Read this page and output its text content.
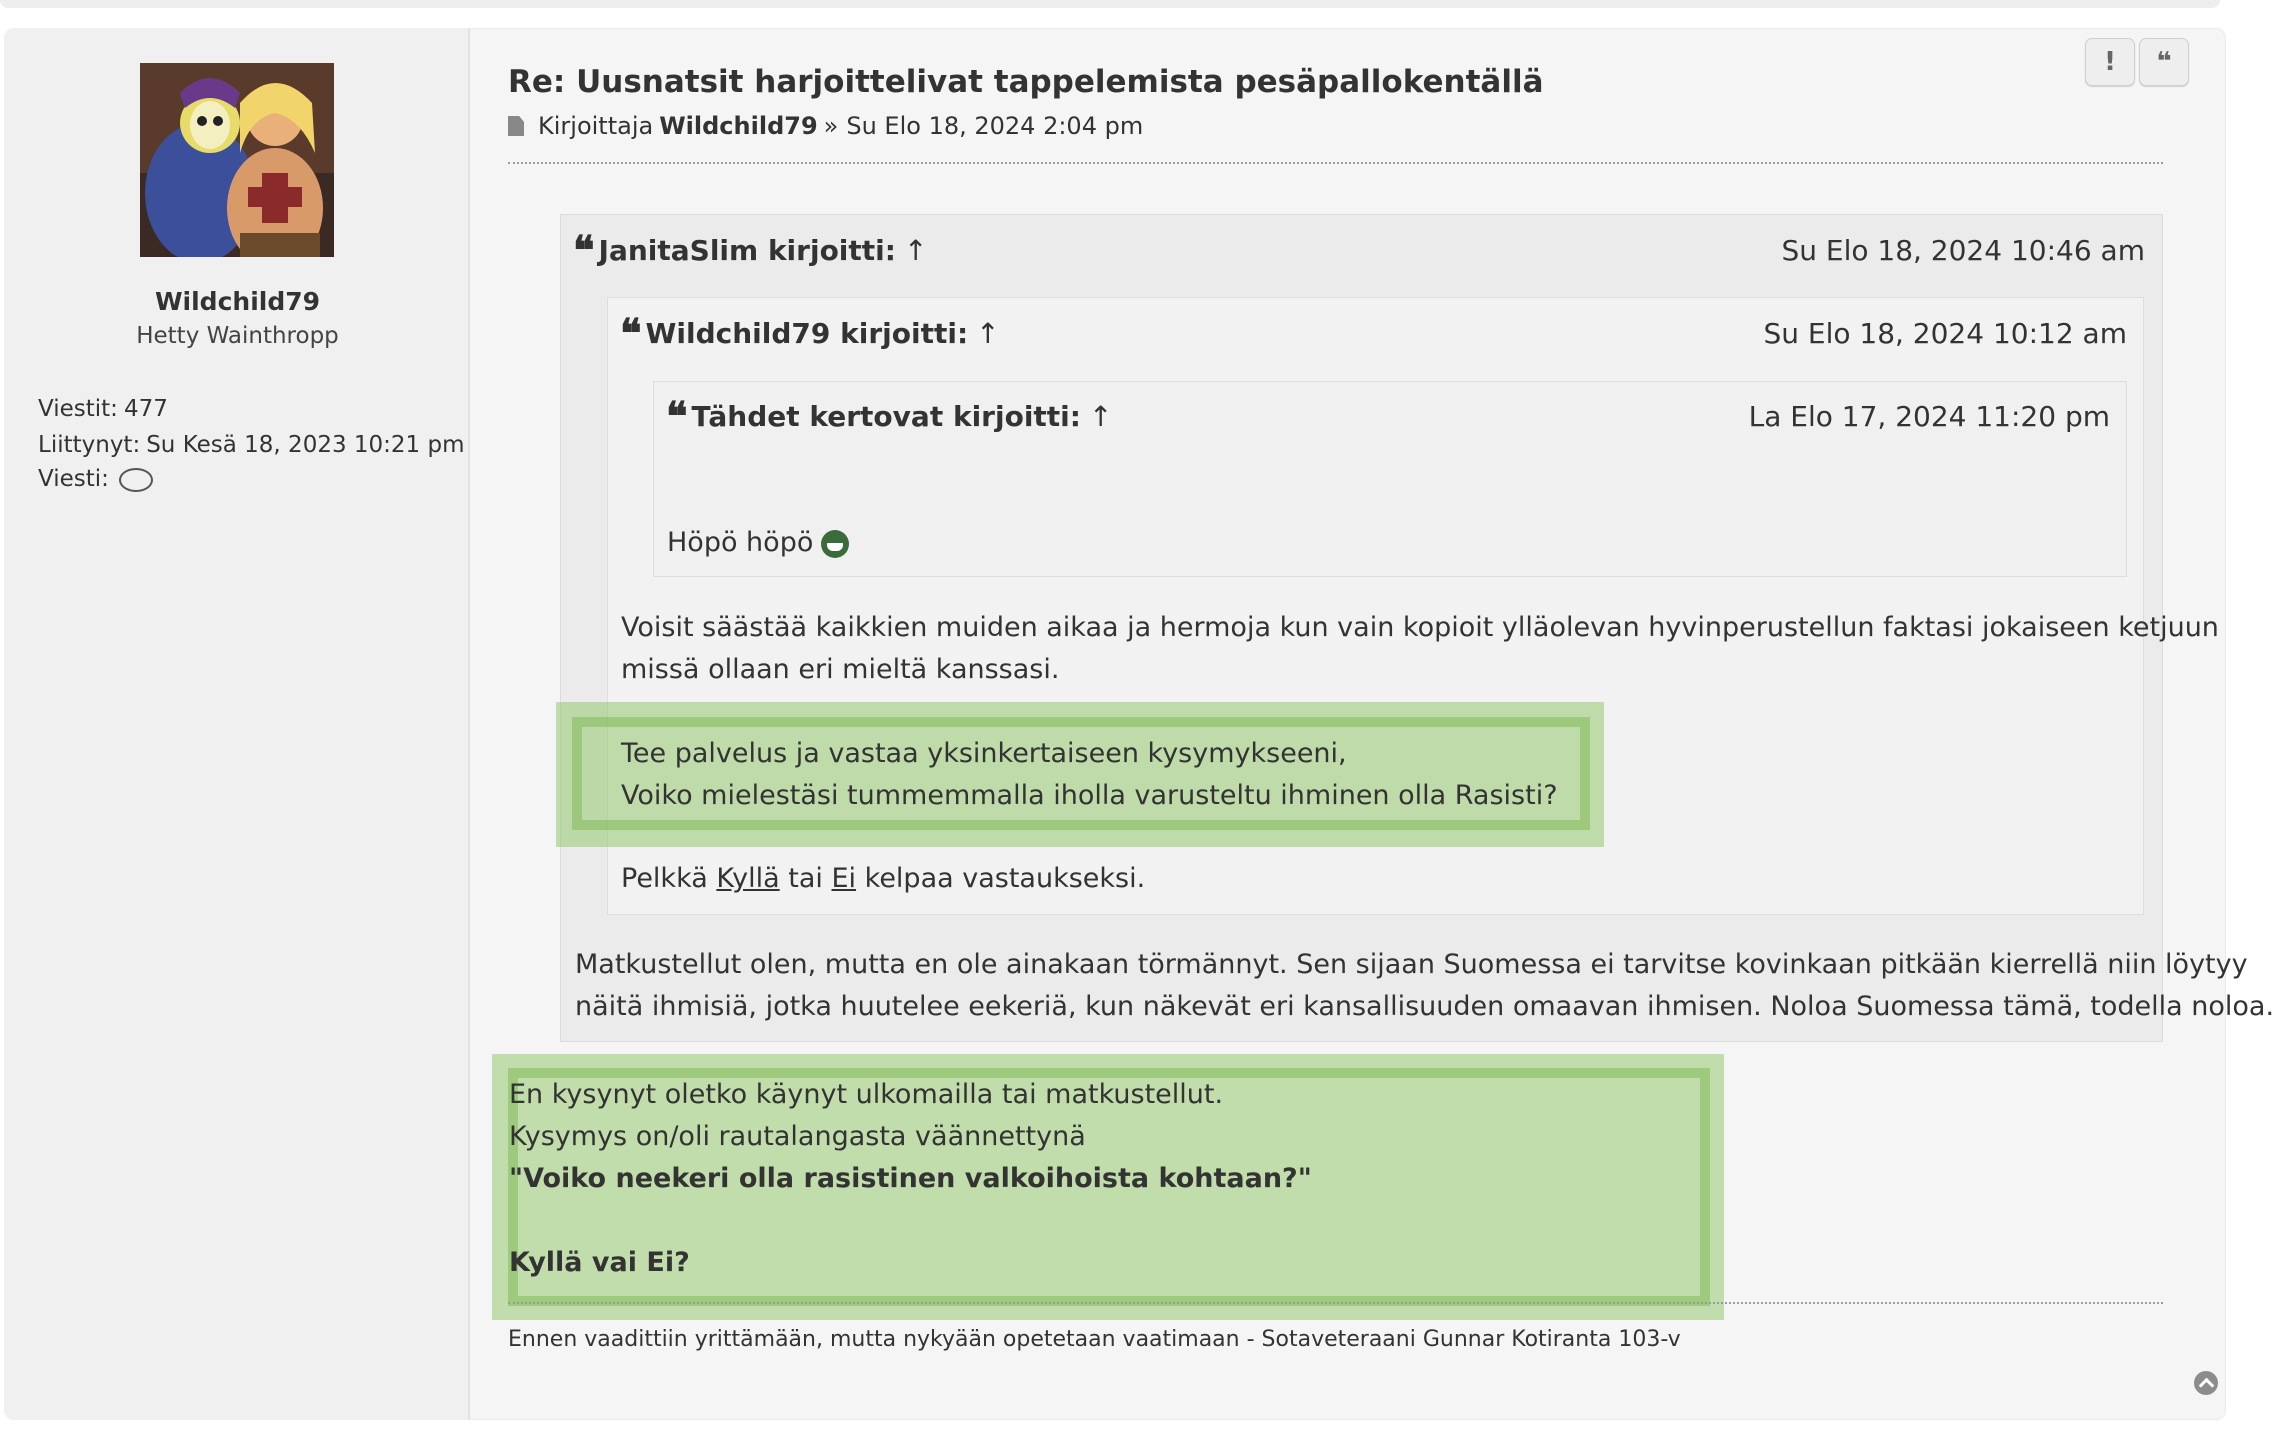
Wildchild79
Hetty Wainthropp
Viestit: 477
Liittynyt: Su Kesä 18, 2023 10:21 pm
Viesti:
Re: Uusnatsit harjoittelivat tappelemista pesäpallokentällä
Kirjoittaja Wildchild79 » Su Elo 18, 2024 2:04 pm
! ❝
❝ JanitaSlim kirjoitti: ↑	Su Elo 18, 2024 10:46 am
❝ Wildchild79 kirjoitti: ↑	Su Elo 18, 2024 10:12 am
❝ Tähdet kertovat kirjoitti: ↑	La Elo 17, 2024 11:20 pm
Höpö höpö
Voisit säästää kaikkien muiden aikaa ja hermoja kun vain kopioit ylläolevan hyvinperustellun faktasi jokaiseen ketjuun
missä ollaan eri mieltä kanssasi.
Tee palvelus ja vastaa yksinkertaiseen kysymykseeni,
Voiko mielestäsi tummemmalla iholla varusteltu ihminen olla Rasisti?
Pelkkä Kyllä tai Ei kelpaa vastaukseksi.
Matkustellut olen, mutta en ole ainakaan törmännyt. Sen sijaan Suomessa ei tarvitse kovinkaan pitkään kierrellä niin löytyy
näitä ihmisiä, jotka huutelee eekeriä, kun näkevät eri kansallisuuden omaavan ihmisen. Noloa Suomessa tämä, todella noloa.
En kysynyt oletko käynyt ulkomailla tai matkustellut.
Kysymys on/oli rautalangasta väännettynä
"Voiko neekeri olla rasistinen valkoihoista kohtaan?"
Kyllä vai Ei?
Ennen vaadittiin yrittämään, mutta nykyään opetetaan vaatimaan - Sotaveteraani Gunnar Kotiranta 103-v
